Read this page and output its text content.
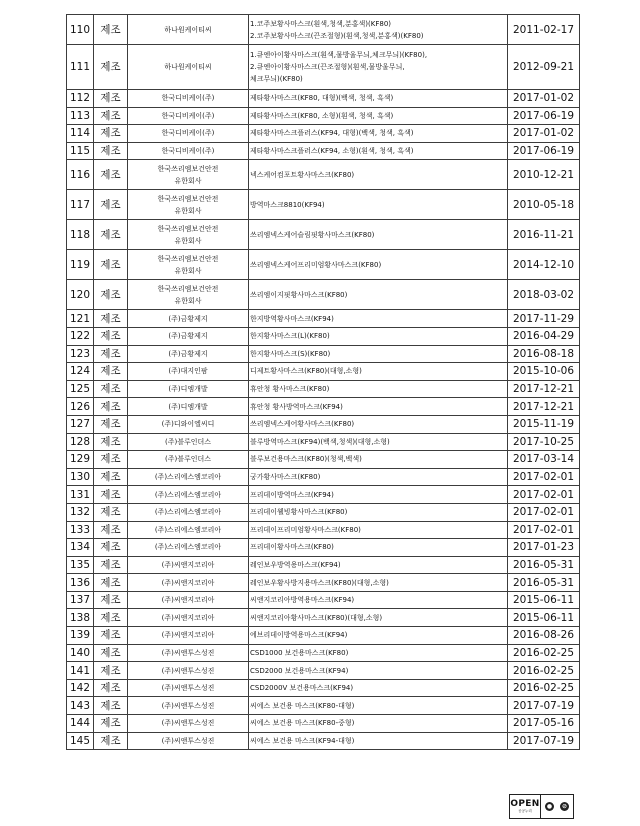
110	제조	하나원케이티씨	1.코주보황사마스크(흰색,청색,분홍색)(KF80)
2.코주보황사마스크(끈조절형)(흰색,청색,분홍색)(KF80)	2011-02-17
111	제조	하나원케이티씨	1.큐엔아이황사마스크(흰색,물방울무늬,체크무늬)(KF80),
2.큐엔아이황사마스크(끈조절형)(흰색,물방울무늬,
체크무늬)(KF80)	2012-09-21
112	제조	한국디비케이(주)	제타황사마스크(KF80, 대형)(백색, 청색, 흑색)	2017-01-02
113	제조	한국디비케이(주)	제타황사마스크(KF80, 소형)(흰색, 청색, 흑색)	2017-06-19
114	제조	한국디비케이(주)	제타황사마스크플러스(KF94, 대형)(백색, 청색, 흑색)	2017-01-02
115	제조	한국디비케이(주)	제타황사마스크플러스(KF94, 소형)(흰색, 청색, 흑색)	2017-06-19
116	제조	한국쓰리엠보건안전
유한회사	넥스케어컴포트황사마스크(KF80)	2010-12-21
117	제조	한국쓰리엠보건안전
유한회사	방역마스크8810(KF94)	2010-05-18
118	제조	한국쓰리엠보건안전
유한회사	쓰리엠넥스케어슬림핏황사마스크(KF80)	2016-11-21
119	제조	한국쓰리엠보건안전
유한회사	쓰리엠넥스케어프리미엄황사마스크(KF80)	2014-12-10
120	제조	한국쓰리엠보건안전
유한회사	쓰리엠이지핏황사마스크(KF80)	2018-03-02
121	제조	(주)금황제지	한지방역황사마스크(KF94)	2017-11-29
122	제조	(주)금황제지	한지황사마스크(L)(KF80)	2016-04-29
123	제조	(주)금황제지	한지황사마스크(S)(KF80)	2016-08-18
124	제조	(주)대지인팜	디제트황사마스크(KF80)(대형,소형)	2015-10-06
125	제조	(주)디엠개발	휴안청 황사마스크(KF80)	2017-12-21
126	제조	(주)디엠개발	휴안청 황사방역마스크(KF94)	2017-12-21
127	제조	(주)디와이엘씨디	쓰리엠넥스케어황사마스크(KF80)	2015-11-19
128	제조	(주)블루인더스	블루방역마스크(KF94)(백색,청색)(대형,소형)	2017-10-25
129	제조	(주)블루인더스	블루보건용마스크(KF80)(청색,백색)	2017-03-14
130	제조	(주)스리에스엠코리아	궁가황사마스크(KF80)	2017-02-01
131	제조	(주)스리에스엠코리아	프리데이방역마스크(KF94)	2017-02-01
132	제조	(주)스리에스엠코리아	프리데이웰빙황사마스크(KF80)	2017-02-01
133	제조	(주)스리에스엠코리아	프리데이프리미엄황사마스크(KF80)	2017-02-01
134	제조	(주)스리에스엠코리아	프리데이황사마스크(KF80)	2017-01-23
135	제조	(주)씨앤지코리아	레인보우방역용마스크(KF94)	2016-05-31
136	제조	(주)씨앤지코리아	레인보우황사방지용마스크(KF80)(대형,소형)	2016-05-31
137	제조	(주)씨앤지코리아	씨앤지코리아방역용마스크(KF94)	2015-06-11
138	제조	(주)씨앤지코리아	씨앤지코리아황사마스크(KF80)(대형,소형)	2015-06-11
139	제조	(주)씨앤지코리아	에브리데이방역용마스크(KF94)	2016-08-26
140	제조	(주)씨앤투스성진	CSD1000 보건용마스크(KF80)	2016-02-25
141	제조	(주)씨앤투스성진	CSD2000 보건용마스크(KF94)	2016-02-25
142	제조	(주)씨앤투스성진	CSD2000V 보건용마스크(KF94)	2016-02-25
143	제조	(주)씨앤투스성진	씨에스 보건용 마스크(KF80-대형)	2017-07-19
144	제조	(주)씨앤투스성진	씨에스 보건용 마스크(KF80-중형)	2017-05-16
145	제조	(주)씨앤투스성진	씨에스 보건용 마스크(KF94-대형)	2017-07-19
OPEN
공공누리
●	⊘
